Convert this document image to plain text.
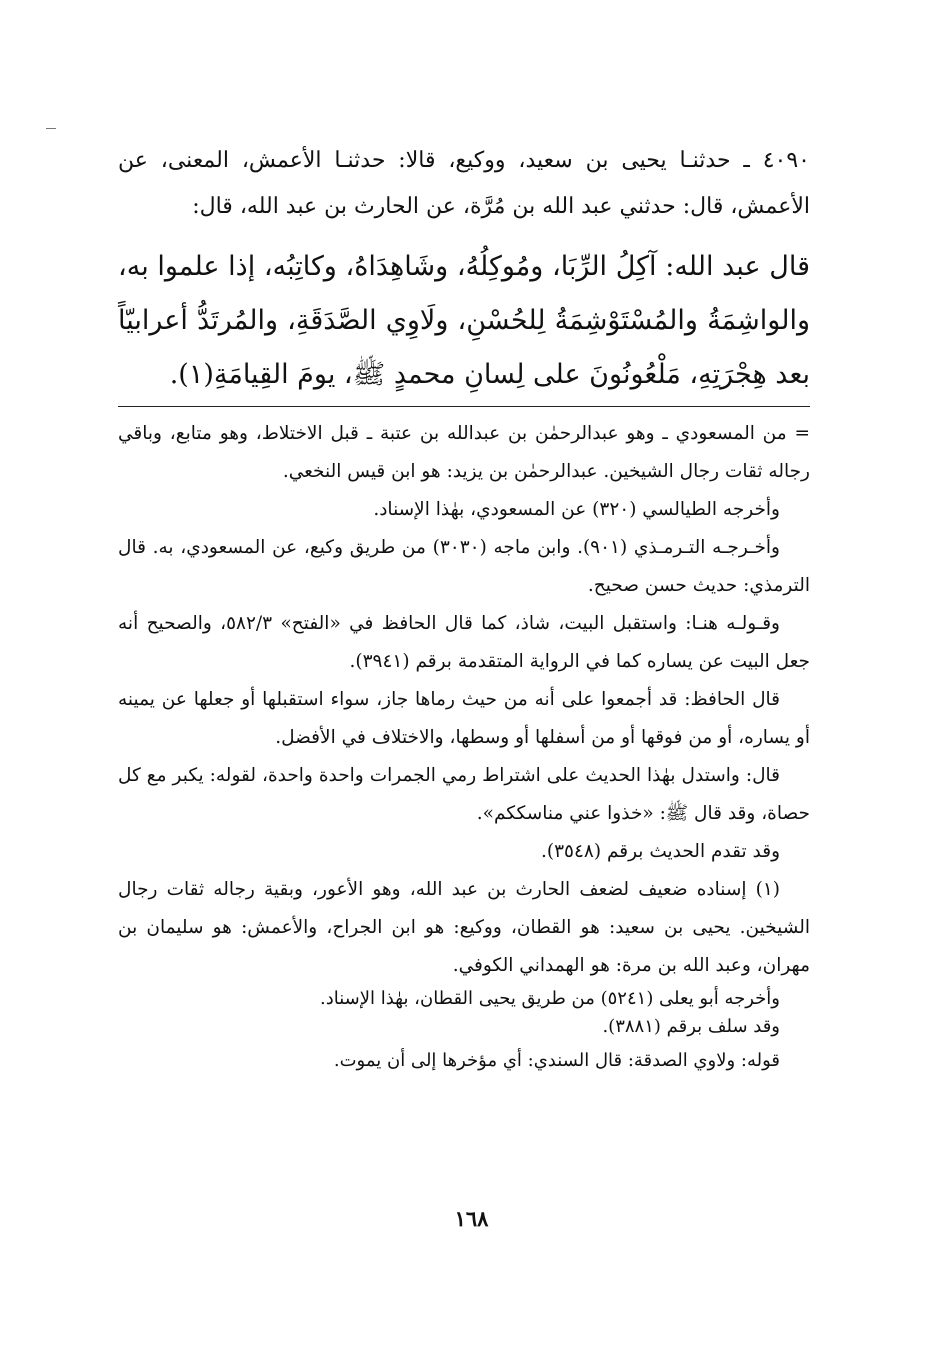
٤٠٩٠ ـ حدثنـا يحيى بن سعيد، ووكيع، قالا: حدثنـا الأعمش، المعنى، عن الأعمش، قال: حدثني عبد الله بن مُرَّة، عن الحارث بن عبد الله، قال:

قال عبد الله: آكِلُ الرِّبَا، ومُوكِلُهُ، وشَاهِدَاهُ، وكاتِبُه، إذا علموا به، والواشِمَةُ والمُسْتَوْشِمَةُ لِلحُسْنِ، ولَاوِي الصَّدَقَةِ، والمُرتَدُّ أعرابيّاً بعد هِجْرَتِهِ، مَلْعُونُونَ على لِسانِ محمدٍ ﷺ، يومَ القِيامَةِ(١).

= من المسعودي ـ وهو عبدالرحمٰن بن عبدالله بن عتبة ـ قبل الاختلاط، وهو متابع، وباقي رجاله ثقات رجال الشيخين. عبدالرحمٰن بن يزيد: هو ابن قيس النخعي.

وأخرجه الطيالسي (٣٢٠) عن المسعودي، بهٰذا الإسناد.

وأخـرجـه التـرمـذي (٩٠١). وابن ماجه (٣٠٣٠) من طريق وكيع، عن المسعودي، به. قال الترمذي: حديث حسن صحيح.

وقـولـه هنـا: واستقبل البيت، شاذ، كما قال الحافظ في «الفتح» ٥٨٢/٣، والصحيح أنه جعل البيت عن يساره كما في الرواية المتقدمة برقم (٣٩٤١).

قال الحافظ: قد أجمعوا على أنه من حيث رماها جاز، سواء استقبلها أو جعلها عن يمينه أو يساره، أو من فوقها أو من أسفلها أو وسطها، والاختلاف في الأفضل.

قال: واستدل بهٰذا الحديث على اشتراط رمي الجمرات واحدة واحدة، لقوله: يكبر مع كل حصاة، وقد قال ﷺ: «خذوا عني مناسككم».

وقد تقدم الحديث برقم (٣٥٤٨).

(١) إسناده ضعيف لضعف الحارث بن عبد الله، وهو الأعور، وبقية رجاله ثقات رجال الشيخين. يحيى بن سعيد: هو القطان، ووكيع: هو ابن الجراح، والأعمش: هو سليمان بن مهران، وعبد الله بن مرة: هو الهمداني الكوفي.

وأخرجه أبو يعلى (٥٢٤١) من طريق يحيى القطان، بهٰذا الإسناد.

وقد سلف برقم (٣٨٨١).

قوله: ولاوي الصدقة: قال السندي: أي مؤخرها إلى أن يموت.

١٦٨
